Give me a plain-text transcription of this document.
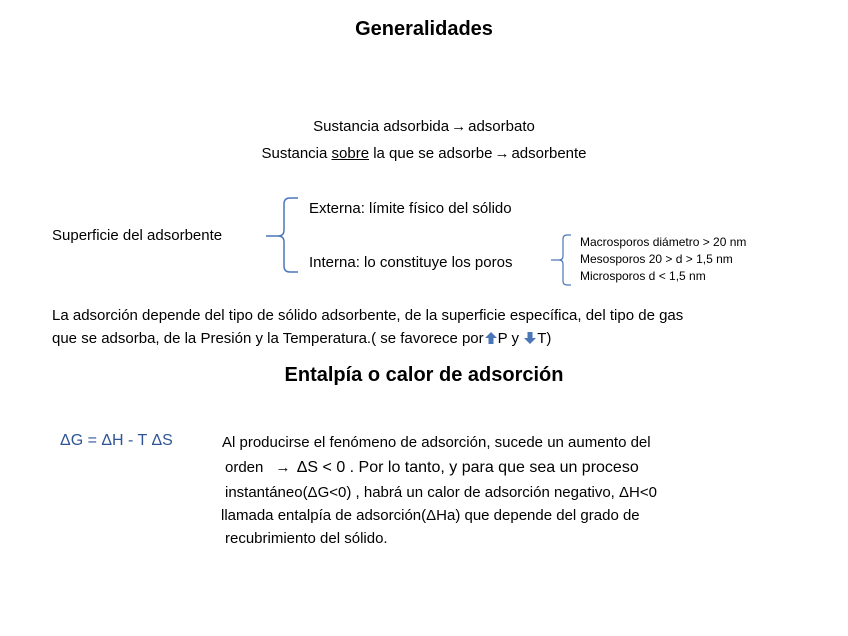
Generalidades
Sustancia adsorbida → adsorbato
Sustancia sobre la que se adsorbe → adsorbente
Superficie del adsorbente
Externa: límite físico del sólido
Interna: lo constituye los poros
Macrosporos diámetro > 20 nm
Mesosporos 20 > d > 1,5 nm
Microsporos d < 1,5 nm
La adsorción depende del tipo de sólido adsorbente, de la superficie específica, del tipo de gas
que se adsorba, de la Presión y la Temperatura.( se favorece por P y T)
Entalpía o calor de adsorción
ΔG = ΔH - T ΔS	Al producirse el fenómeno de adsorción, sucede un aumento del
orden → ΔS < 0 . Por lo tanto, y para que sea un proceso
instantáneo(ΔG<0) , habrá un calor de adsorción negativo, ΔH<0
llamada entalpía de adsorción(ΔHa) que depende del grado de
recubrimiento del sólido.
